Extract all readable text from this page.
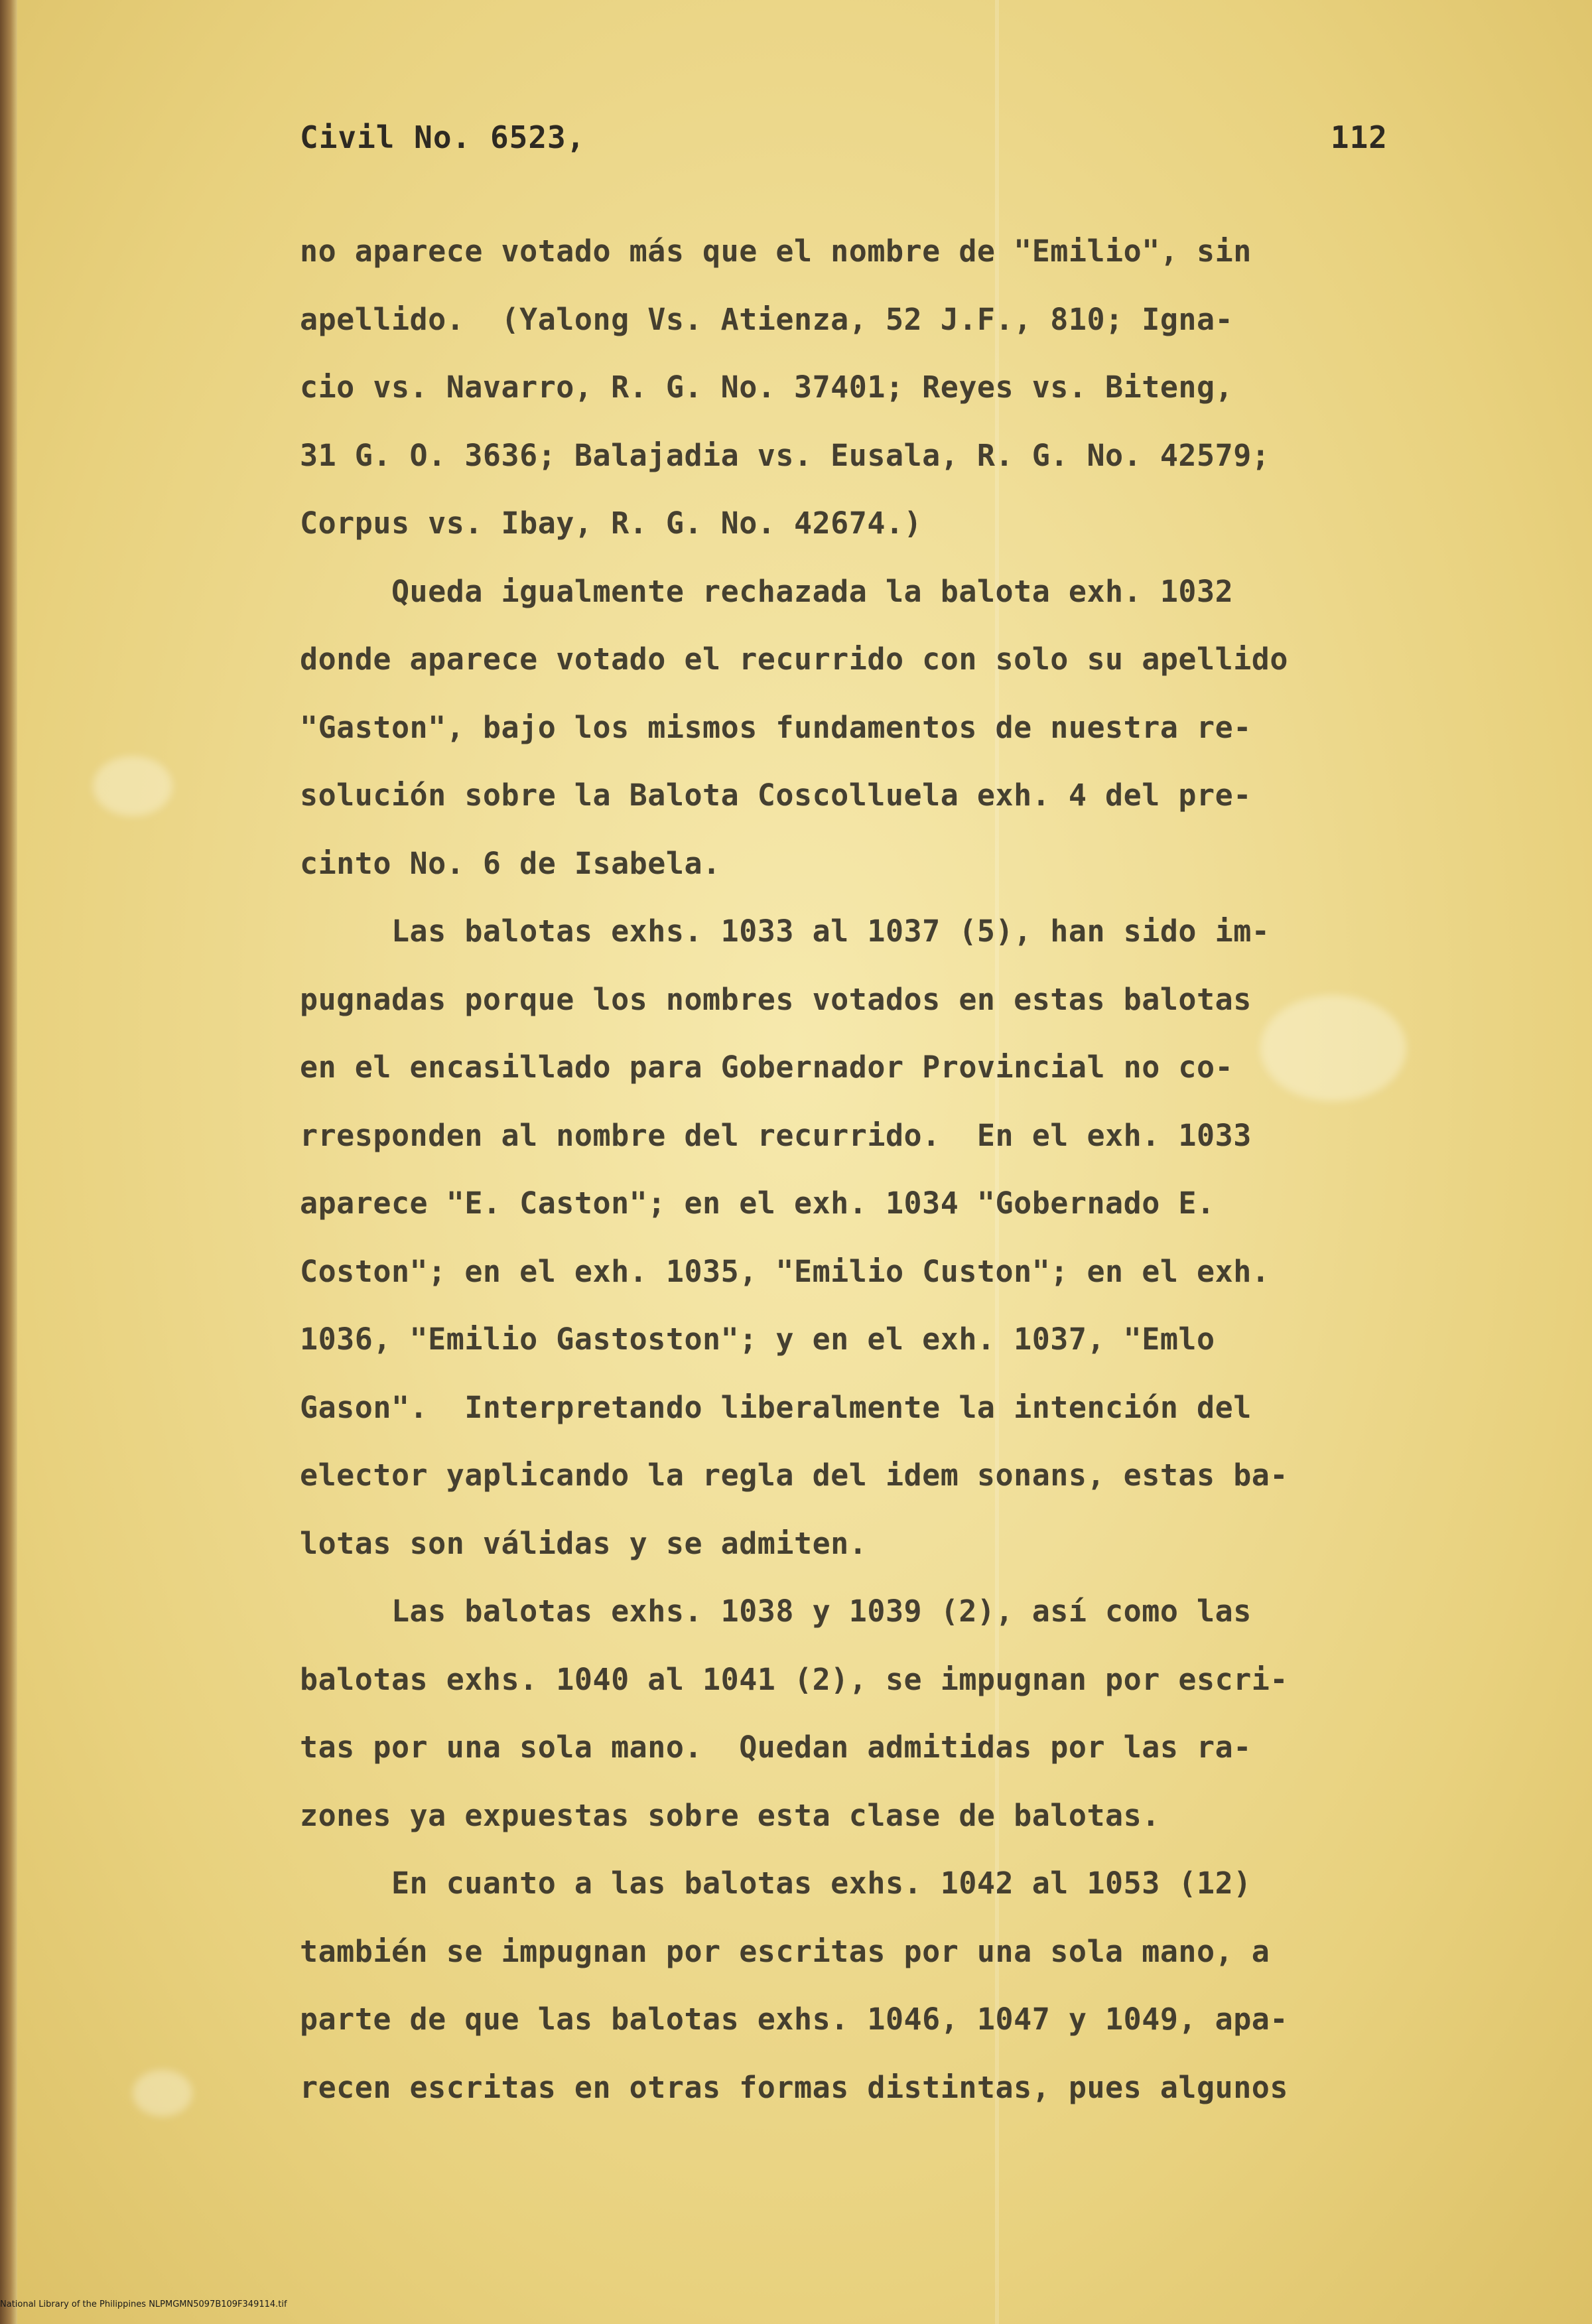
Civil No. 6523,	112
no aparece votado más que el nombre de "Emilio", sin
apellido.  (Yalong Vs. Atienza, 52 J.F., 810; Igna-
cio vs. Navarro, R. G. No. 37401; Reyes vs. Biteng,
31 G. O. 3636; Balajadia vs. Eusala, R. G. No. 42579;
Corpus vs. Ibay, R. G. No. 42674.)
Queda igualmente rechazada la balota exh. 1032
donde aparece votado el recurrido con solo su apellido
"Gaston", bajo los mismos fundamentos de nuestra re-
solución sobre la Balota Coscolluela exh. 4 del pre-
cinto No. 6 de Isabela.
Las balotas exhs. 1033 al 1037 (5), han sido im-
pugnadas porque los nombres votados en estas balotas
en el encasillado para Gobernador Provincial no co-
rresponden al nombre del recurrido.  En el exh. 1033
aparece "E. Caston"; en el exh. 1034 "Gobernado E.
Coston"; en el exh. 1035, "Emilio Custon"; en el exh.
1036, "Emilio Gastoston"; y en el exh. 1037, "Emlo
Gason".  Interpretando liberalmente la intención del
elector yaplicando la regla del idem sonans, estas ba-
lotas son válidas y se admiten.
Las balotas exhs. 1038 y 1039 (2), así como las
balotas exhs. 1040 al 1041 (2), se impugnan por escri-
tas por una sola mano.  Quedan admitidas por las ra-
zones ya expuestas sobre esta clase de balotas.
En cuanto a las balotas exhs. 1042 al 1053 (12)
también se impugnan por escritas por una sola mano, a
parte de que las balotas exhs. 1046, 1047 y 1049, apa-
recen escritas en otras formas distintas, pues algunos
National Library of the Philippines NLPMGMN5097B109F349114.tif
